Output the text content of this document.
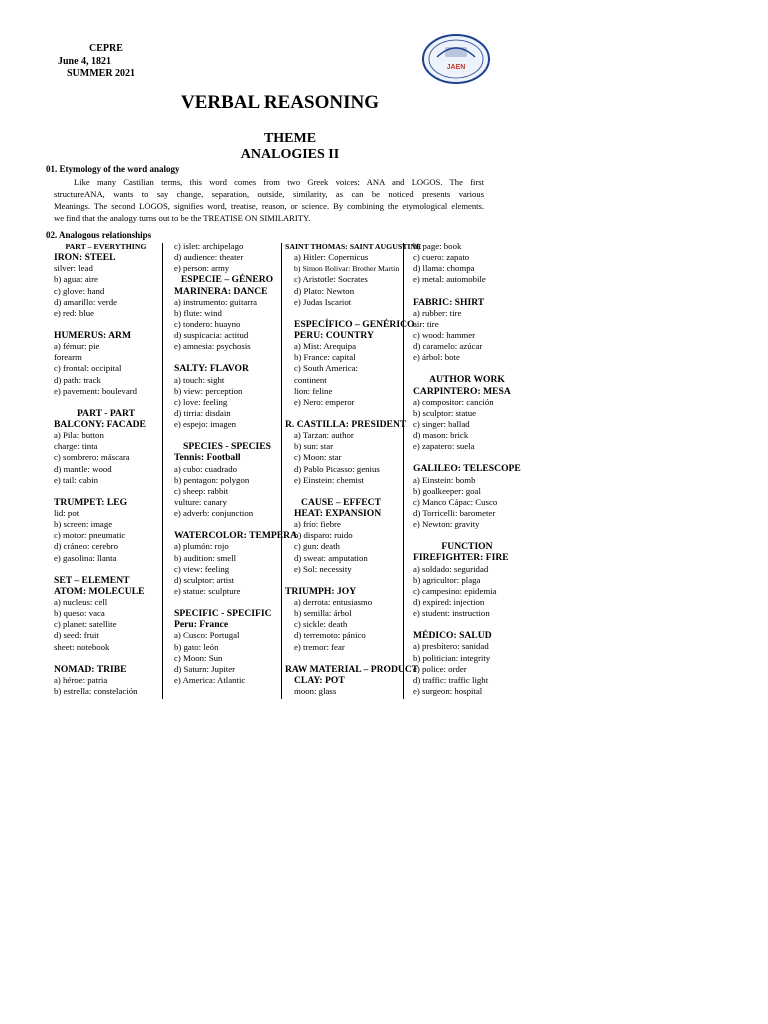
CEPRE
June 4, 1821
SUMMER 2021
JAEN
VERBAL REASONING
THEME
ANALOGIES II
01. Etymology of the word analogy
Like many Castilian terms, this word comes from two Greek voices: ANA and LOGOS. The first
structureANA, wants to say change, separation, outside, similarity, as can be noticed presents various
Meanings. The second LOGOS, signifies word, treatise, reason, or science. By combining the etymological elements.
we find that the analogy turns out to be the TREATISE ON SIMILARITY.
02. Analogous relationships
PART – EVERYTHING
IRON: STEEL
silver: lead
b) agua: aire
c) glove: hand
d) amarillo: verde
e) red: blue
HUMERUS: ARM
a) fémur: pie
forearm
c) frontal: occipital
d) path: track
e) pavement: boulevard
PART - PART
BALCONY: FACADE
a) Pila: button
charge: tinta
c) sombrero: máscara
d) mantle: wood
e) tail: cabin
TRUMPET: LEG
lid: pot
b) screen: image
c) motor: pneumatic
d) cráneo: cerebro
e) gasolina: llanta
SET – ELEMENT
ATOM: MOLECULE
a) nucleus: cell
b) queso: vaca
c) planet: satellite
d) seed: fruit
sheet: notebook
NOMAD: TRIBE
a) héroe: patria
b) estrella: constelación
c) islet: archipelago
d) audience: theater
e) person: army
ESPECIE – GÉNERO
MARINERA: DANCE
a) instrumento: guitarra
b) flute: wind
c) tondero: huayno
d) suspicacia: actitud
e) amnesia: psychosis
SALTY: FLAVOR
a) touch: sight
b) view: perception
c) love: feeling
d) tirria: disdain
e) espejo: imagen
SPECIES - SPECIES
Tennis: Football
a) cubo: cuadrado
b) pentagon: polygon
c) sheep: rabbit
vulture: canary
e) adverb: conjunction
WATERCOLOR: TEMPERA
a) plumón: rojo
b) audition: smell
c) view: feeling
d) sculptor: artist
e) statue: sculpture
SPECIFIC - SPECIFIC
Peru: France
a) Cusco: Portugal
b) gato: león
c) Moon: Sun
d) Saturn: Jupiter
e) America: Atlantic
SAINT THOMAS: SAINT AUGUSTINE
a) Hitler: Copernicus
b) Simon Bolivar: Brother Martin
c) Aristotle: Socrates
d) Plato: Newton
e) Judas Iscariot
ESPECÍFICO – GENÉRICO
PERU: COUNTRY
a) Mist: Arequipa
b) France: capital
c) South America:
continent
lion: feline
e) Nero: emperor
R. CASTILLA: PRESIDENT
a) Tarzan: author
b) sun: star
c) Moon: star
d) Pablo Picasso: genius
e) Einstein: chemist
CAUSE – EFFECT
HEAT: EXPANSION
a) frío: fiebre
b) disparo: ruido
c) gun: death
d) sweat: amputation
e) Sol: necessity
TRIUMPH: JOY
a) derrota: entusiasmo
b) semilla: árbol
c) sickle: death
d) terremoto: pánico
e) tremor: fear
RAW MATERIAL – PRODUCT
CLAY: POT
moon: glass
b) page: book
c) cuero: zapato
d) llama: chompa
e) metal: automobile
FABRIC: SHIRT
a) rubber: tire
air: tire
c) wood: hammer
d) caramelo: azúcar
e) árbol: bote
AUTHOR WORK
CARPINTERO: MESA
a) compositor: canción
b) sculptor: statue
c) singer: ballad
d) mason: brick
e) zapatero: suela
GALILEO: TELESCOPE
a) Einstein: bomb
b) goalkeeper: goal
c) Manco Cápac: Cusco
d) Torricelli: barometer
e) Newton: gravity
FUNCTION
FIREFIGHTER: FIRE
a) soldado: seguridad
b) agricultor: plaga
c) campesino: epidemia
d) expired: injection
e) student: instruction
MÉDICO: SALUD
a) presbítero: sanidad
b) politician: integrity
c) police: order
d) traffic: traffic light
e) surgeon: hospital
